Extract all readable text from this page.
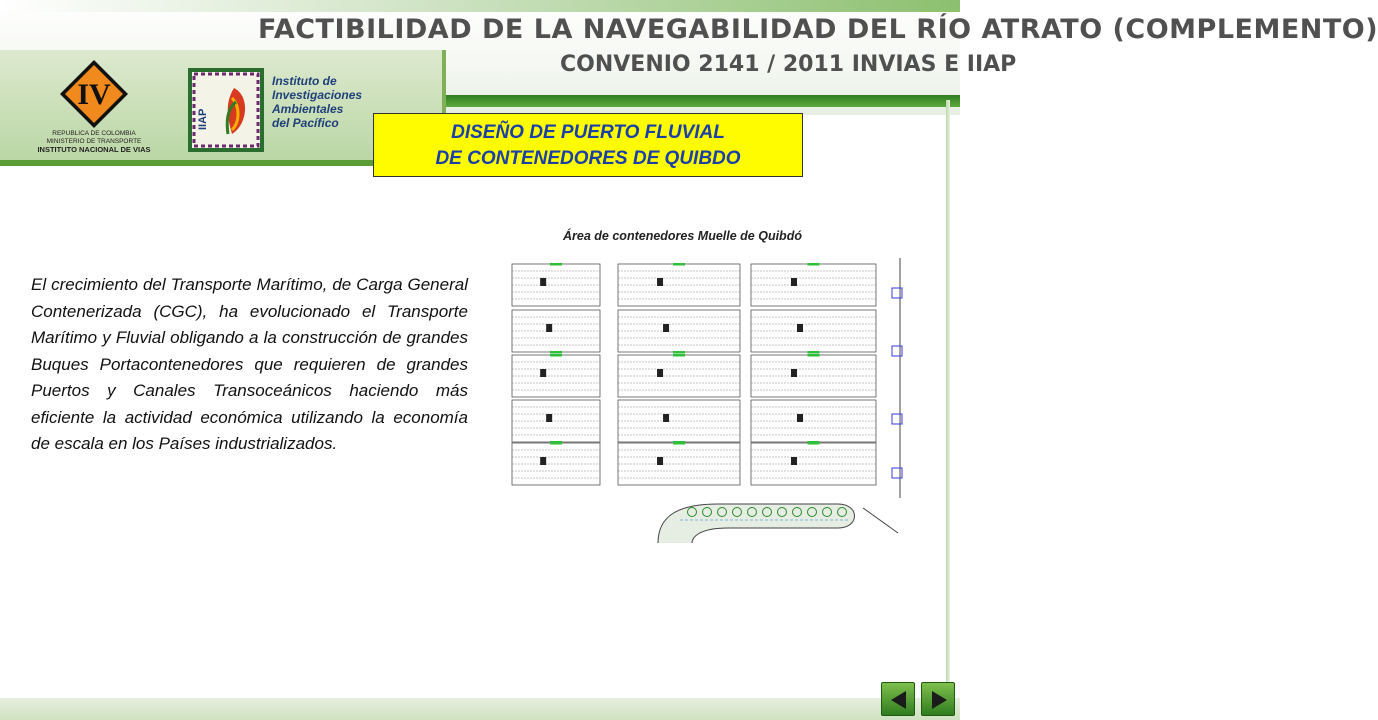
FACTIBILIDAD DE LA NAVEGABILIDAD DEL RÍO ATRATO (COMPLEMENTO)
CONVENIO 2141 / 2011 INVIAS E IIAP
IV
REPUBLICA DE COLOMBIA
MINISTERIO DE TRANSPORTE
INSTITUTO NACIONAL DE VIAS
IIAP
Instituto de
Investigaciones
Ambientales
del Pacífico	DISEÑO DE PUERTO FLUVIAL
DE CONTENEDORES DE QUIBDO
El crecimiento del Transporte Marítimo, de Carga General Contenerizada (CGC), ha evolucionado el Transporte Marítimo y Fluvial obligando a la construcción de grandes Buques Portacontenedores que requieren de grandes Puertos y Canales Transoceánicos haciendo más eficiente la actividad económica utilizando la economía de escala en los Países industrializados.
Área de contenedores Muelle de Quibdó
